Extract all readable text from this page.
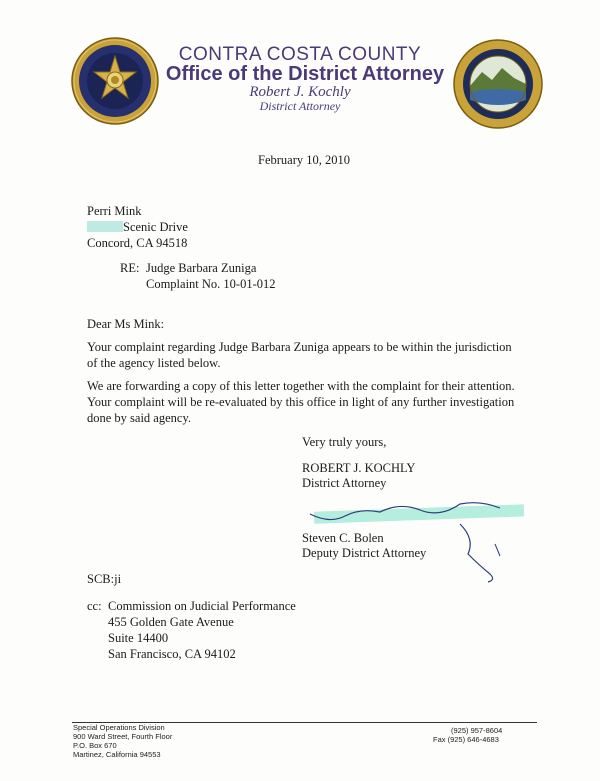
CONTRA COSTA COUNTY
Office of the District Attorney
Robert J. Kochly
District Attorney
February 10, 2010
Perri Mink
Scenic Drive
Concord, CA 94518
RE: Judge Barbara Zuniga
Complaint No. 10-01-012
Dear Ms Mink:
Your complaint regarding Judge Barbara Zuniga appears to be within the jurisdiction of the agency listed below.
We are forwarding a copy of this letter together with the complaint for their attention. Your complaint will be re-evaluated by this office in light of any further investigation done by said agency.
Very truly yours,
ROBERT J. KOCHLY
District Attorney
Steven C. Bolen
Deputy District Attorney
SCB:ji
cc: Commission on Judicial Performance
455 Golden Gate Avenue
Suite 14400
San Francisco, CA 94102
Special Operations Division
900 Ward Street, Fourth Floor
P.O. Box 670
Martinez, California 94553
(925) 957-8604
Fax (925) 646-4683
